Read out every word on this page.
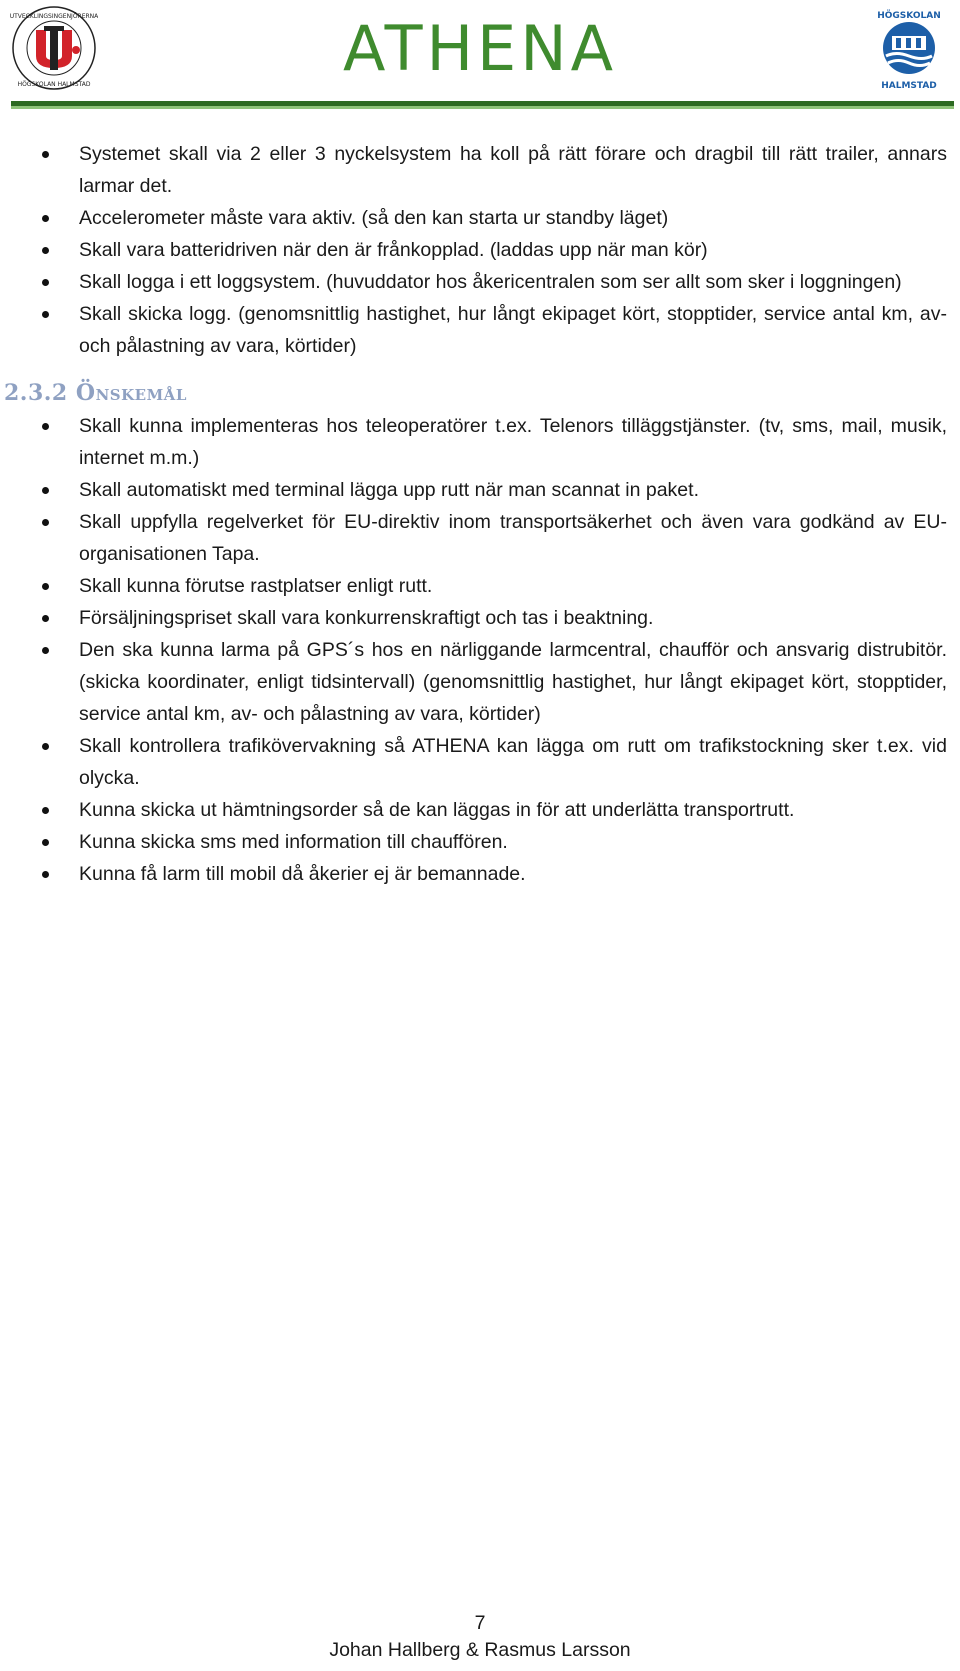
UTVECKLINGSINGENJÖRERNA
HÖGSKOLAN HALMSTAD	ATHENA	HÖGSKOLAN
HALMSTAD
Systemet skall via 2 eller 3 nyckelsystem ha koll på rätt förare och dragbil till rätt trailer, annars larmar det.
Accelerometer måste vara aktiv. (så den kan starta ur standby läget)
Skall vara batteridriven när den är frånkopplad. (laddas upp när man kör)
Skall logga i ett loggsystem. (huvuddator hos åkericentralen som ser allt som sker i loggningen)
Skall skicka logg. (genomsnittlig hastighet, hur långt ekipaget kört, stopptider, service antal km, av- och pålastning av vara, körtider)
2.3.2 Önskemål
Skall kunna implementeras hos teleoperatörer t.ex. Telenors tilläggstjänster. (tv, sms, mail, musik, internet m.m.)
Skall automatiskt med terminal lägga upp rutt när man scannat in paket.
Skall uppfylla regelverket för EU-direktiv inom transportsäkerhet och även vara godkänd av EU-organisationen Tapa.
Skall kunna förutse rastplatser enligt rutt.
Försäljningspriset skall vara konkurrenskraftigt och tas i beaktning.
Den ska kunna larma på GPS´s hos en närliggande larmcentral, chaufför och ansvarig distrubitör. (skicka koordinater, enligt tidsintervall) (genomsnittlig hastighet, hur långt ekipaget kört, stopptider, service antal km, av- och pålastning av vara, körtider)
Skall kontrollera trafikövervakning så ATHENA kan lägga om rutt om trafikstockning sker t.ex. vid olycka.
Kunna skicka ut hämtningsorder så de kan läggas in för att underlätta transportrutt.
Kunna skicka sms med information till chauffören.
Kunna få larm till mobil då åkerier ej är bemannade.
7
Johan Hallberg & Rasmus Larsson
